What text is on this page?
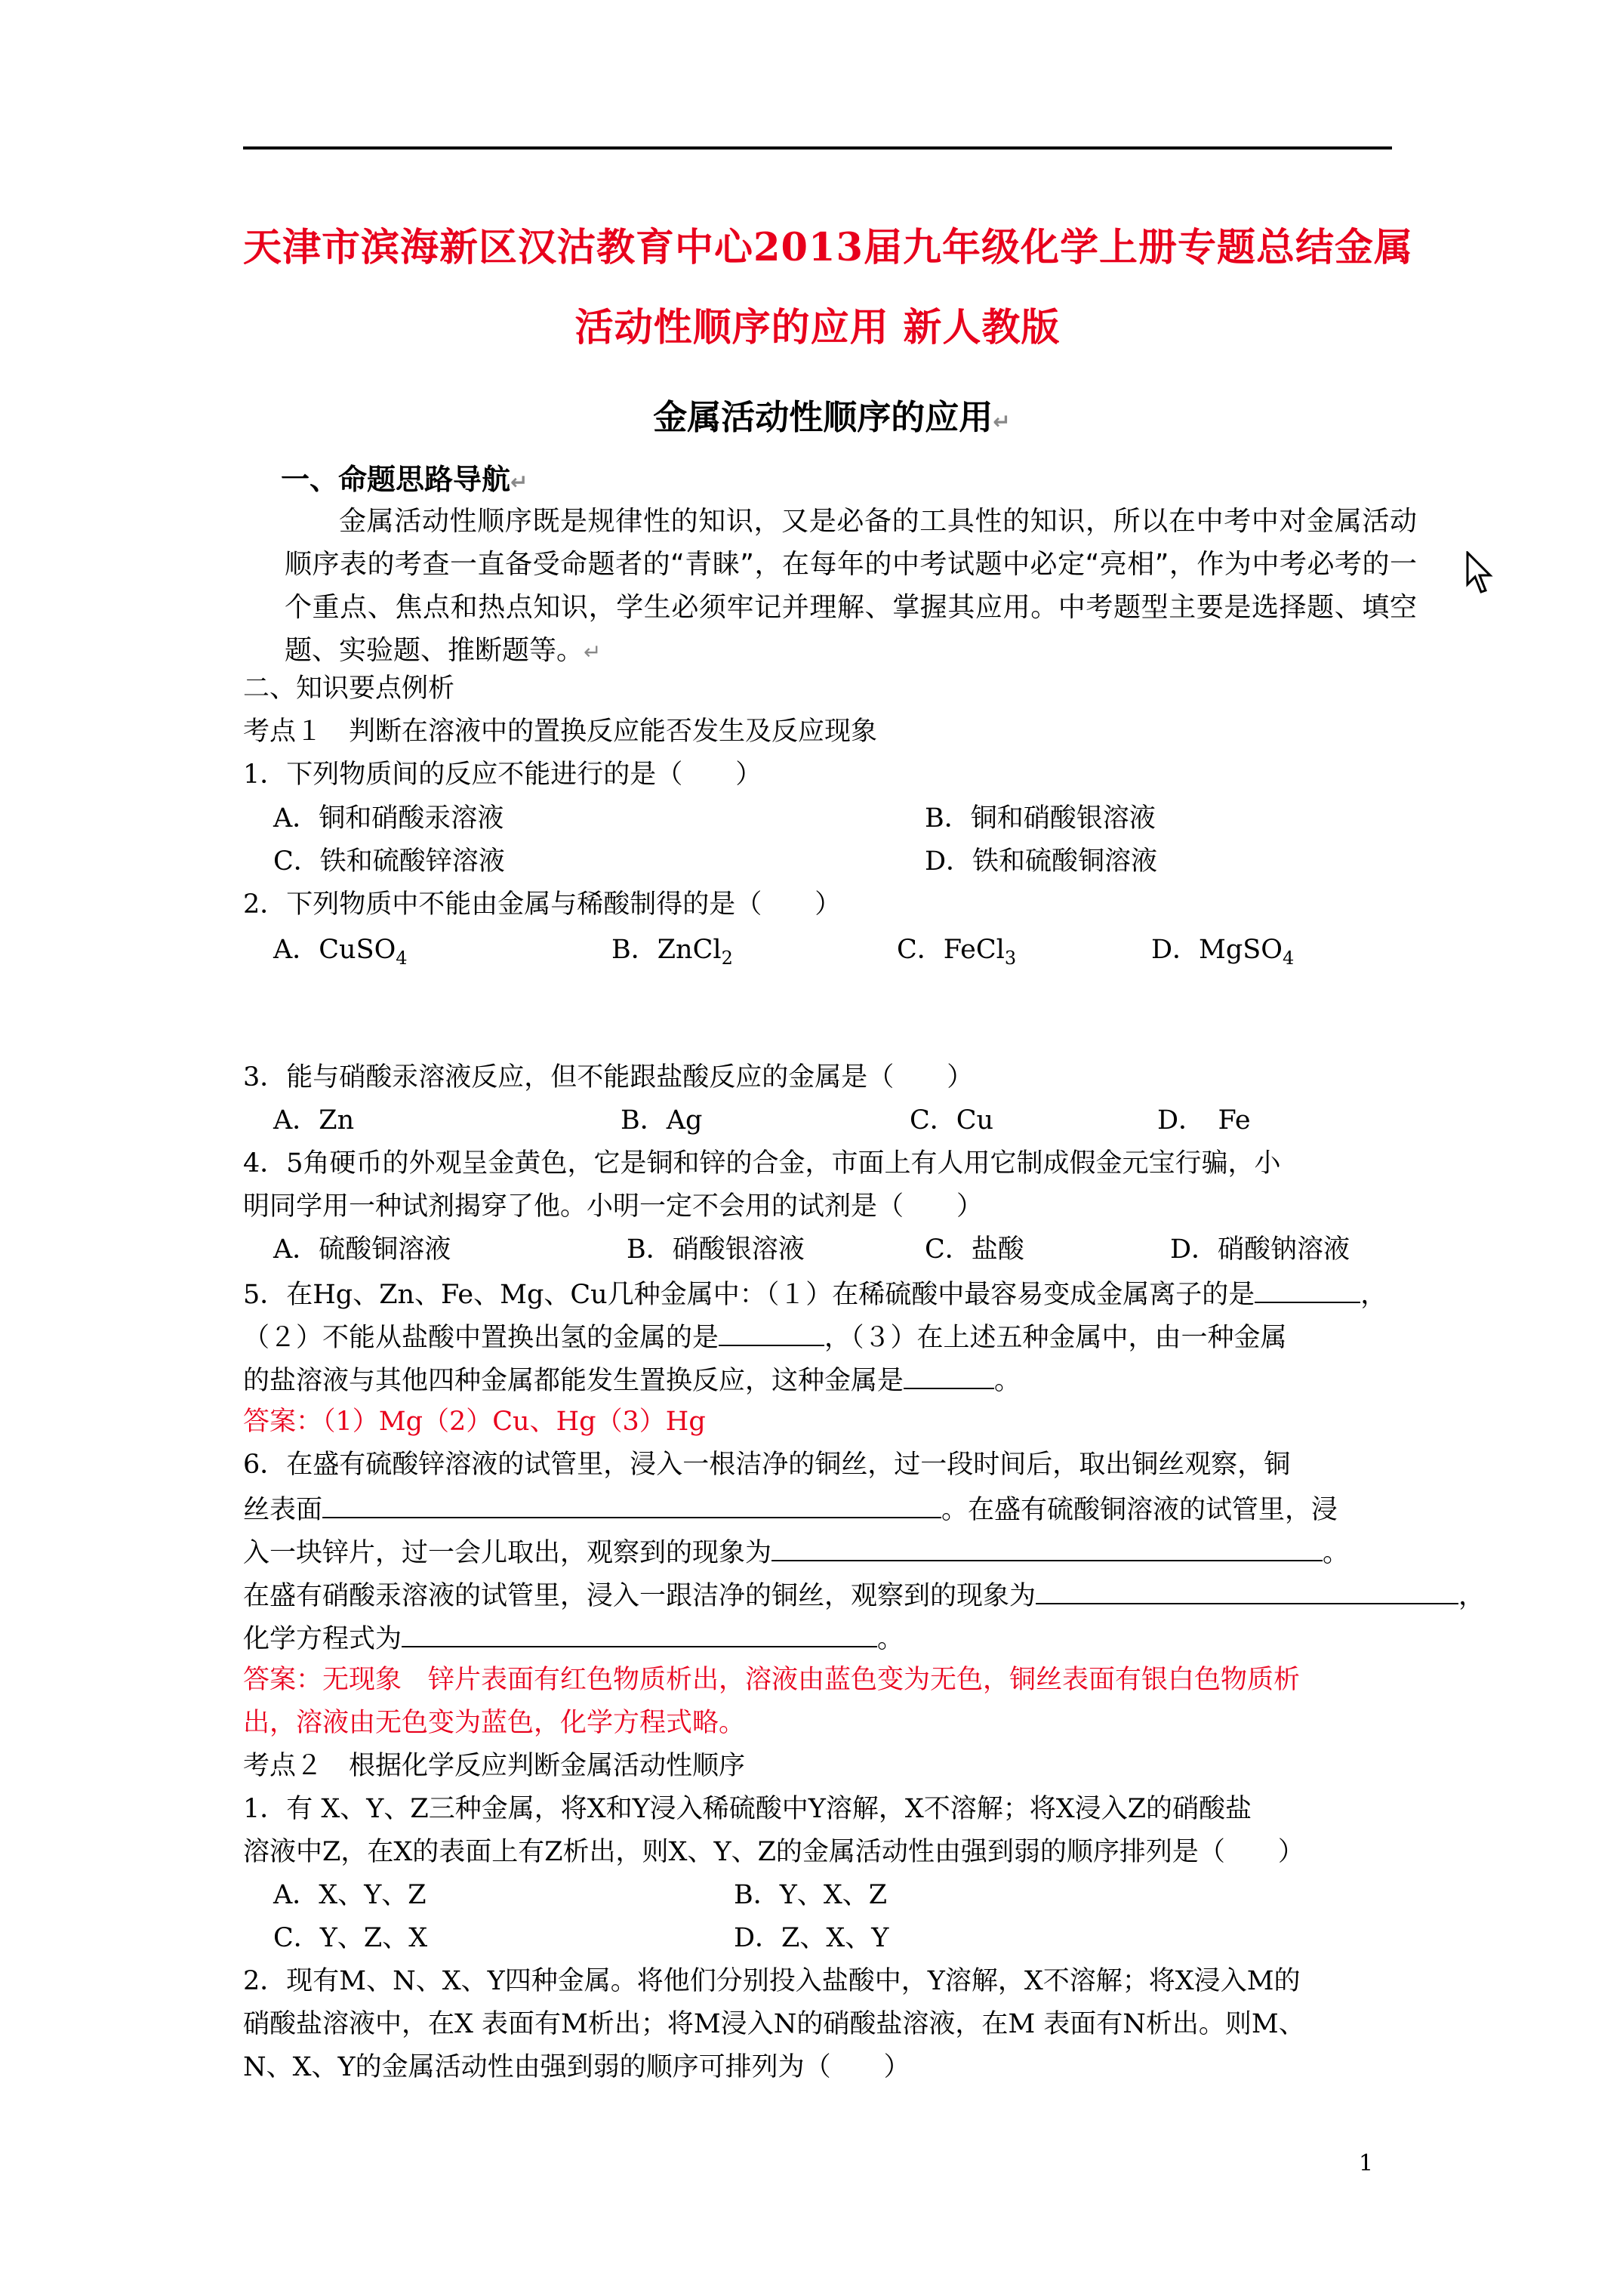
天津市滨海新区汉沽教育中心2013届九年级化学上册专题总结金属
活动性顺序的应用 新人教版
金属活动性顺序的应用↵
一、命题思路导航↵
金属活动性顺序既是规律性的知识，又是必备的工具性的知识，所以在中考中对金属活动顺序表的考查一直备受命题者的“青睐”，在每年的中考试题中必定“亮相”，作为中考必考的一个重点、焦点和热点知识，学生必须牢记并理解、掌握其应用。中考题型主要是选择题、填空题、实验题、推断题等。↵
二、知识要点例析
考点１　判断在溶液中的置换反应能否发生及反应现象
1．下列物质间的反应不能进行的是（　　）
A．铜和硝酸汞溶液	B．铜和硝酸银溶液
C．铁和硫酸锌溶液	D．铁和硫酸铜溶液
2．下列物质中不能由金属与稀酸制得的是（　　）
A．CuSO$_4$	B．ZnCl$_2$	C．FeCl$_3$	D．MgSO$_4$
3．能与硝酸汞溶液反应，但不能跟盐酸反应的金属是（　　）
A．Zn	B．Ag	C．Cu	D．　Fe
4．5角硬币的外观呈金黄色，它是铜和锌的合金，市面上有人用它制成假金元宝行骗，小
明同学用一种试剂揭穿了他。小明一定不会用的试剂是（　　）
A．硫酸铜溶液	B．硝酸银溶液	C．盐酸	D．硝酸钠溶液
5．在Hg、Zn、Fe、Mg、Cu几种金属中：（１）在稀硫酸中最容易变成金属离子的是	，
（２）不能从盐酸中置换出氢的金属的是	，（３）在上述五种金属中，由一种金属
的盐溶液与其他四种金属都能发生置换反应，这种金属是	。
答案：（1）Mg（2）Cu、Hg（3）Hg
6．在盛有硫酸锌溶液的试管里，浸入一根洁净的铜丝，过一段时间后，取出铜丝观察，铜
丝表面	。在盛有硫酸铜溶液的试管里，浸
入一块锌片，过一会儿取出，观察到的现象为	。
在盛有硝酸汞溶液的试管里，浸入一跟洁净的铜丝，观察到的现象为	，
化学方程式为	。
答案：无现象　锌片表面有红色物质析出，溶液由蓝色变为无色，铜丝表面有银白色物质析
出，溶液由无色变为蓝色，化学方程式略。
考点２　根据化学反应判断金属活动性顺序
1．有 X、Y、Z三种金属，将X和Y浸入稀硫酸中Y溶解，X不溶解；将X浸入Z的硝酸盐
溶液中Z，在X的表面上有Z析出，则X、Y、Z的金属活动性由强到弱的顺序排列是（　　）
A．X、Y、Z	B．Y、X、Z
C．Y、Z、X	D．Z、X、Y
2．现有M、N、X、Y四种金属。将他们分别投入盐酸中，Y溶解，X不溶解；将X浸入M的
硝酸盐溶液中，在X 表面有M析出；将M浸入N的硝酸盐溶液，在M 表面有N析出。则M、
N、X、Y的金属活动性由强到弱的顺序可排列为（　　）
1
